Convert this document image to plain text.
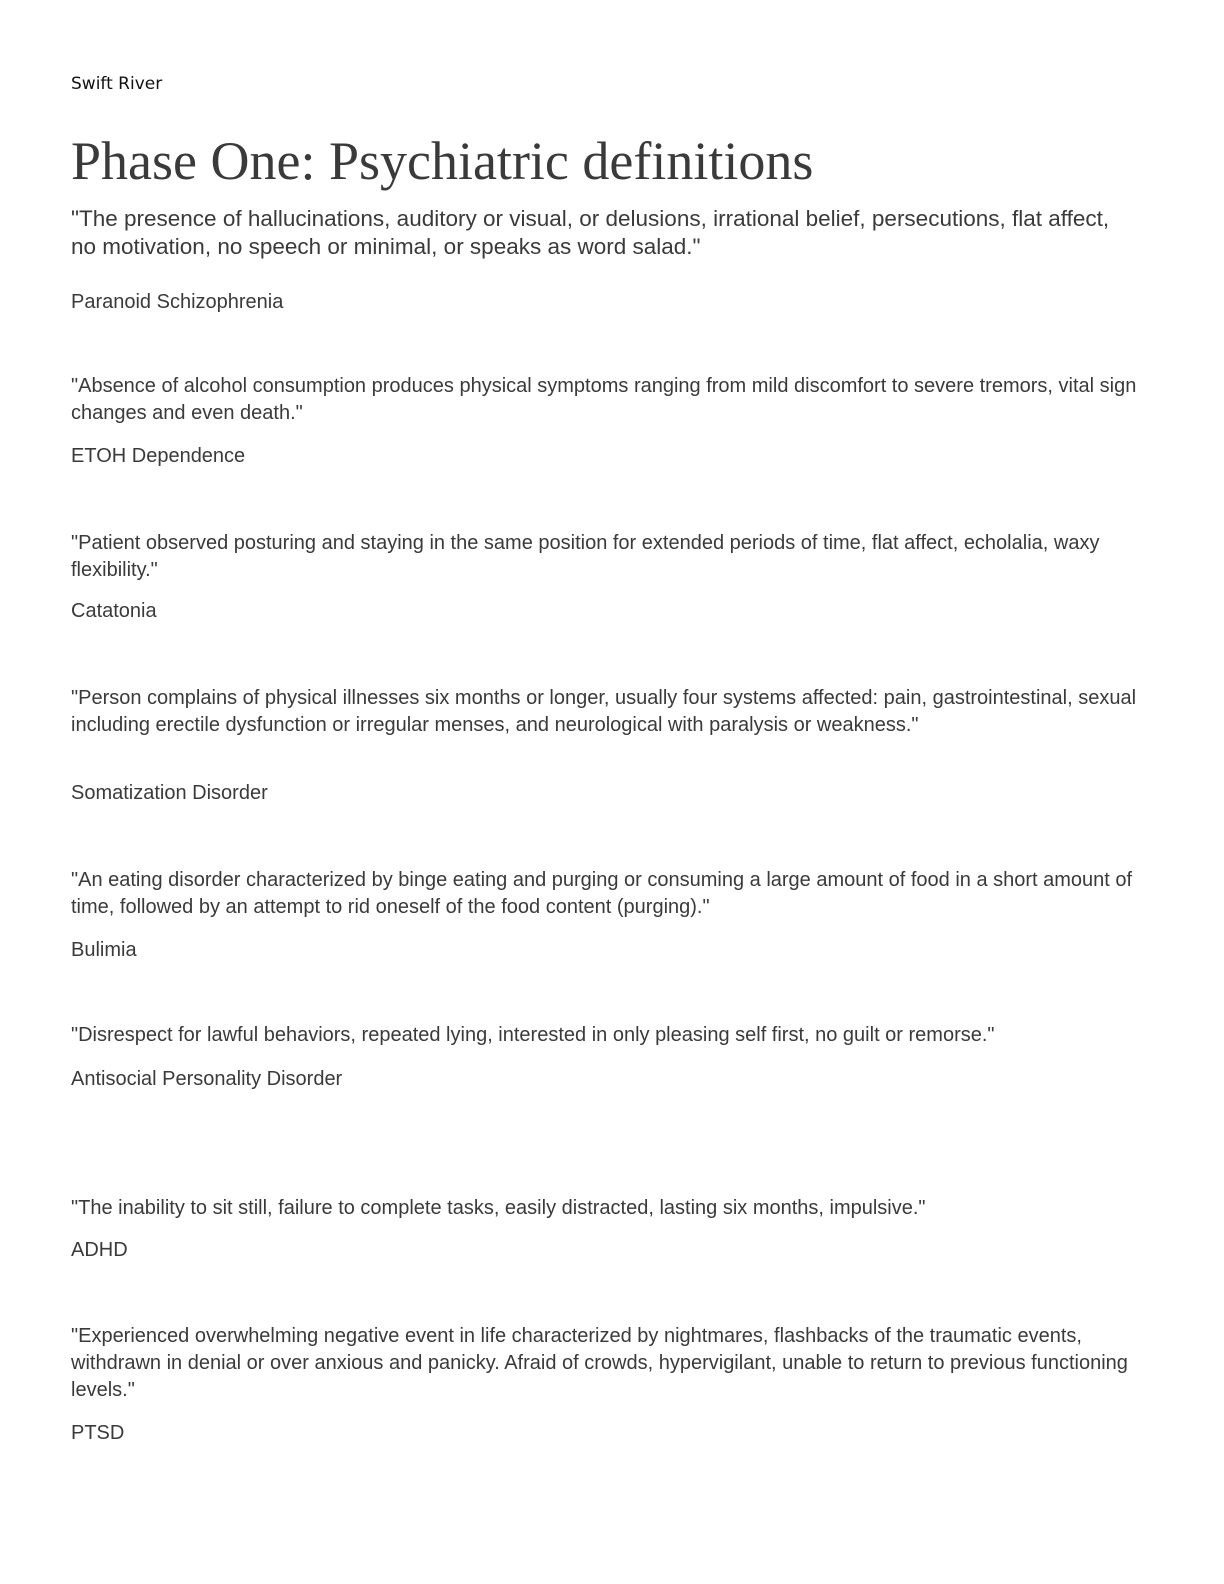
Swift River
Phase One: Psychiatric definitions

"The presence of hallucinations, auditory or visual, or delusions, irrational belief, persecutions, flat affect, no motivation, no speech or minimal, or speaks as word salad."

Paranoid Schizophrenia

"Absence of alcohol consumption produces physical symptoms ranging from mild discomfort to severe tremors, vital sign changes and even death."

ETOH Dependence

"Patient observed posturing and staying in the same position for extended periods of time, flat affect, echolalia, waxy flexibility."

Catatonia

"Person complains of physical illnesses six months or longer, usually four systems affected: pain, gastrointestinal, sexual including erectile dysfunction or irregular menses, and neurological with paralysis or weakness."

Somatization Disorder

"An eating disorder characterized by binge eating and purging or consuming a large amount of food in a short amount of time, followed by an attempt to rid oneself of the food content (purging)."

Bulimia

"Disrespect for lawful behaviors, repeated lying, interested in only pleasing self first, no guilt or remorse."

Antisocial Personality Disorder

"The inability to sit still, failure to complete tasks, easily distracted, lasting six months, impulsive."

ADHD

"Experienced overwhelming negative event in life characterized by nightmares, flashbacks of the traumatic events, withdrawn in denial or over anxious and panicky. Afraid of crowds, hypervigilant, unable to return to previous functioning levels."

PTSD
